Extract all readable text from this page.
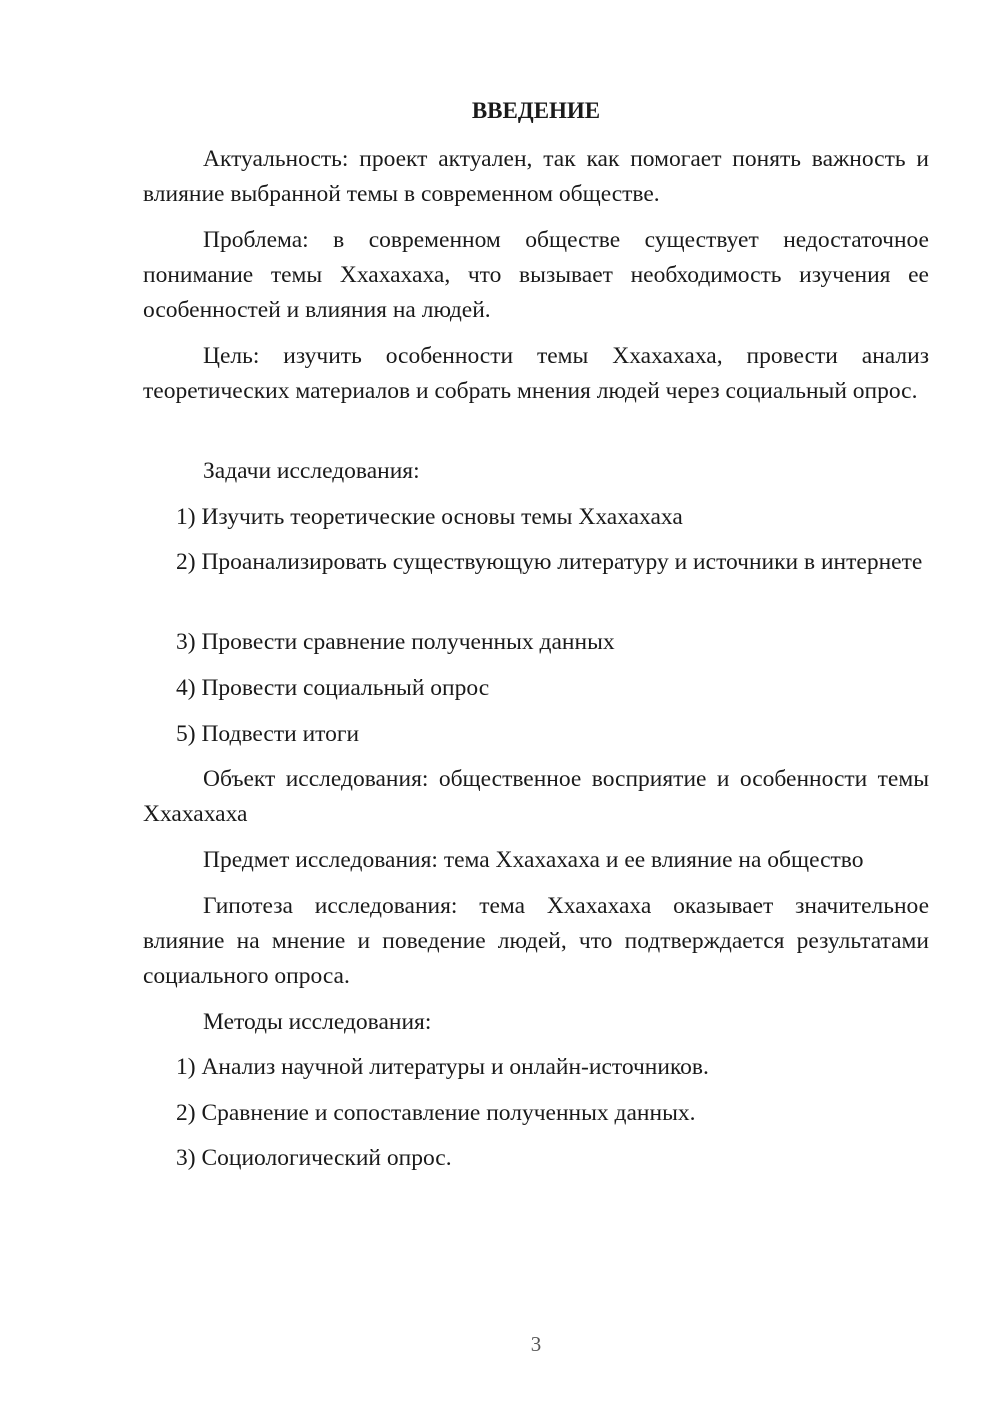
ВВЕДЕНИЕ
Актуальность: проект актуален, так как помогает понять важность и влияние выбранной темы в современном обществе.
Проблема: в современном обществе существует недостаточное понимание темы Ххахахаха, что вызывает необходимость изучения ее особенностей и влияния на людей.
Цель: изучить особенности темы Ххахахаха, провести анализ теоретических материалов и собрать мнения людей через социальный опрос.
Задачи исследования:
1) Изучить теоретические основы темы Ххахахаха
2) Проанализировать существующую литературу и источники в интернете
3) Провести сравнение полученных данных
4) Провести социальный опрос
5) Подвести итоги
Объект исследования: общественное восприятие и особенности темы Ххахахаха
Предмет исследования: тема Ххахахаха и ее влияние на общество
Гипотеза исследования: тема Ххахахаха оказывает значительное влияние на мнение и поведение людей, что подтверждается результатами социального опроса.
Методы исследования:
1) Анализ научной литературы и онлайн-источников.
2) Сравнение и сопоставление полученных данных.
3) Социологический опрос.
3
